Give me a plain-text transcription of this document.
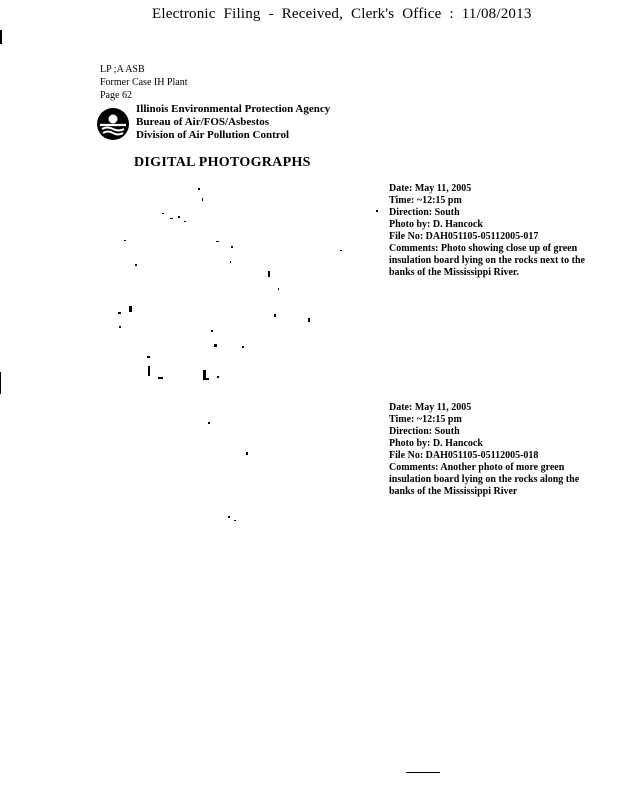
Electronic Filing - Received, Clerk's Office : 11/08/2013
LP ;A ASB
Former Case IH Plant
Page 62
Illinois Environmental Protection Agency
Bureau of Air/FOS/Asbestos
Division of Air Pollution Control
DIGITAL PHOTOGRAPHS
Date: May 11, 2005
Time: ~12:15 pm
Direction: South
Photo by: D. Hancock
File No: DAH051105-05112005-017
Comments: Photo showing close up of green
insulation board lying on the rocks next to the
banks of the Mississippi River.
Date: May 11, 2005
Time: ~12:15 pm
Direction: South
Photo by: D. Hancock
File No: DAH051105-05112005-018
Comments: Another photo of more green
insulation board lying on the rocks along the
banks of the Mississippi River
